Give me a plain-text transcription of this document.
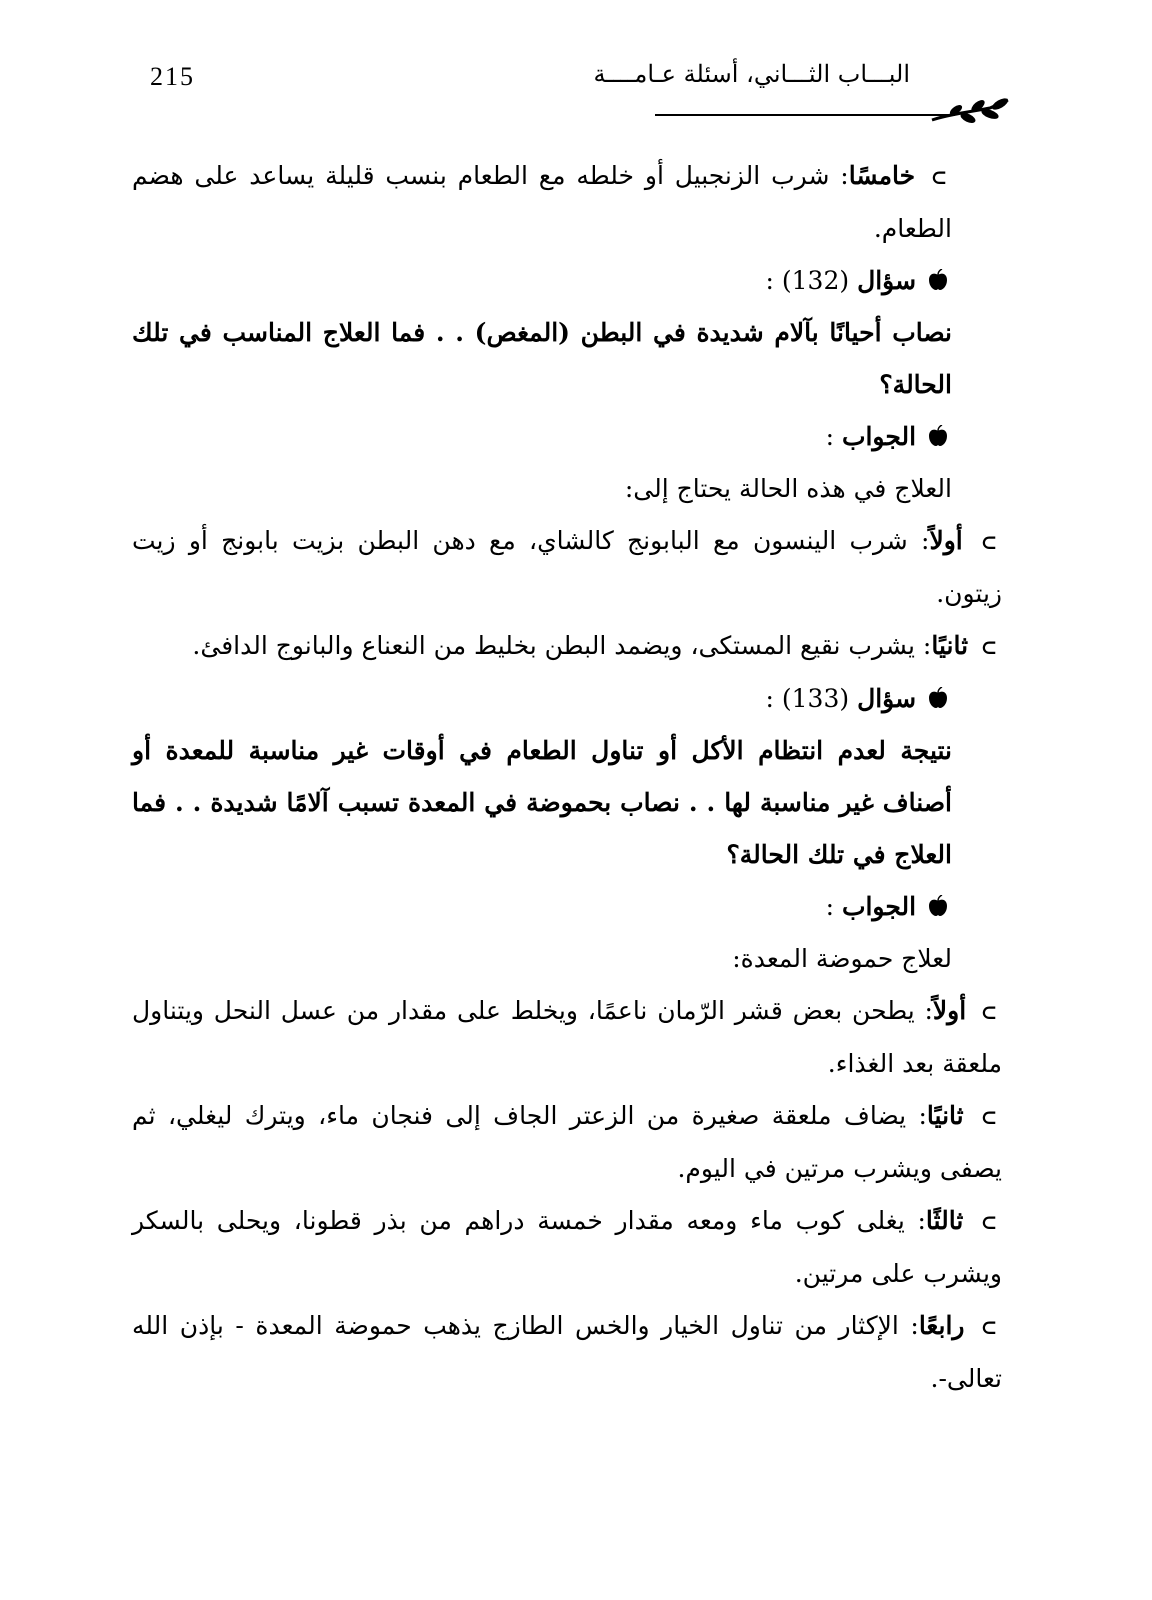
215	البـــاب الثـــاني، أسئلة عـامــــة

⊃ خامسًا: شرب الزنجبيل أو خلطه مع الطعام بنسب قليلة يساعد على هضم الطعام.

سؤال (132) :

نصاب أحيانًا بآلام شديدة في البطن (المغص) . . فما العلاج المناسب في تلك الحالة؟

الجواب :

العلاج في هذه الحالة يحتاج إلى:

⊃ أولاً: شرب الينسون مع البابونج كالشاي، مع دهن البطن بزيت بابونج أو زيت زيتون.

⊃ ثانيًا: يشرب نقيع المستكى، ويضمد البطن بخليط من النعناع والبانوج الدافئ.

سؤال (133) :

نتيجة لعدم انتظام الأكل أو تناول الطعام في أوقات غير مناسبة للمعدة أو أصناف غير مناسبة لها . . نصاب بحموضة في المعدة تسبب آلامًا شديدة . . فما العلاج في تلك الحالة؟

الجواب :

لعلاج حموضة المعدة:

⊃ أولاً: يطحن بعض قشر الرّمان ناعمًا، ويخلط على مقدار من عسل النحل ويتناول ملعقة بعد الغذاء.

⊃ ثانيًا: يضاف ملعقة صغيرة من الزعتر الجاف إلى فنجان ماء، ويترك ليغلي، ثم يصفى ويشرب مرتين في اليوم.

⊃ ثالثًا: يغلى كوب ماء ومعه مقدار خمسة دراهم من بذر قطونا، ويحلى بالسكر ويشرب على مرتين.

⊃ رابعًا: الإكثار من تناول الخيار والخس الطازج يذهب حموضة المعدة - بإذن الله تعالى-.
